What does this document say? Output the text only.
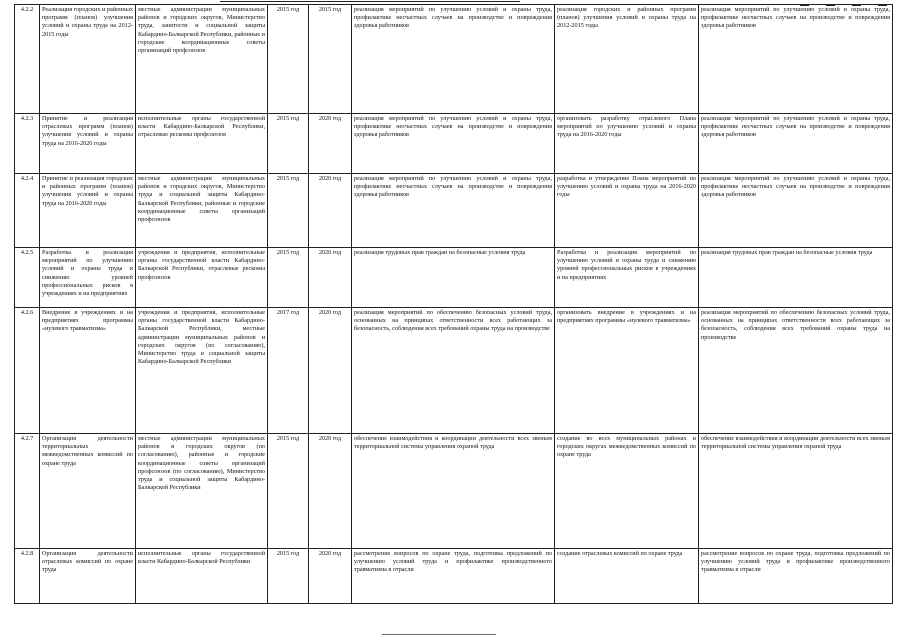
4.2.2	Реализация городских и районных программ (планов) улучшения условий и охраны труда на 2012-2015 годы	местные администрации муниципальных районов и городских округов, Министерство труда, занятости и социальной защиты Кабардино-Балкарской Республики, районные и городские координационные советы организаций профсоюзов	2015 год	2015 год	реализация мероприятий по улучшению условий и охраны труда, профилактике несчастных случаев на производстве и повреждения здоровья работников	реализация городских и районных программ (планов) улучшения условий и охраны труда на 2012-2015 годы	реализация мероприятий по улучшению условий и охраны труда, профилактике несчастных случаев на производстве и повреждения здоровья работников
4.2.3	Принятие и реализация отраслевых программ (планов) улучшения условий и охраны труда на 2016-2020 годы	исполнительные органы государственной власти Кабардино-Балкарской Республики, отраслевые рескомы профсоюзов	2015 год	2020 год	реализация мероприятий по улучшению условий и охраны труда, профилактике несчастных случаев на производстве и повреждения здоровья работников	организовать разработку отраслевого Плана мероприятий по улучшению условий и охраны труда на 2016-2020 годы	реализация мероприятий по улучшению условий и охраны труда, профилактике несчастных случаев на производстве и повреждения здоровья работников
4.2.4	Принятие и реализация городских и районных программ (планов) улучшения условий и охраны труда на 2016-2020 годы	местные администрации муниципальных районов и городских округов, Министерство труда и социальной защиты Кабардино-Балкарской Республики, районные и городские координационные советы организаций профсоюзов	2015 год	2020 год	реализация мероприятий по улучшению условий и охраны труда, профилактике несчастных случаев на производстве и повреждения здоровья работников	разработка и утверждение Плана мероприятий по улучшению условий и охраны труда на 2016-2020 годы	реализация мероприятий по улучшению условий и охраны труда, профилактике несчастных случаев на производстве и повреждения здоровья работников
4.2.5	Разработка и реализация мероприятий по улучшению условий и охраны труда и снижению уровней профессиональных рисков в учреждениях и на предприятиях	учреждения и предприятия, исполнительные органы государственной власти Кабардино-Балкарской Республики, отраслевые рескомы профсоюзов	2015 год	2020 год	реализация трудовых прав граждан на безопасные условия труда	Разработка и реализация мероприятий по улучшению условий и охраны труда и снижению уровней профессиональных рисков в учреждениях и на предприятиях	реализация трудовых прав граждан на безопасные условия труда
4.2.6	Внедрение в учреждениях и на предприятиях программы «нулевого травматизма»	учреждения и предприятия, исполнительные органы государственной власти Кабардино-Балкарской Республики, местные администрации муниципальных районов и городских округов (по согласованию), Министерство труда и социальной защиты Кабардино-Балкарской Республики	2017 год	2020 год	реализация мероприятий по обеспечению безопасных условий труда, основанных на принципах ответственности всех работающих за безопасность, соблюдения всех требований охраны труда на производстве	организовать внедрение в учреждениях и на предприятиях программы «нулевого травматизма»	реализация мероприятий по обеспечению безопасных условий труда, основанных на принципах ответственности всех работающих за безопасность, соблюдения всех требований охраны труда на производстве
4.2.7	Организация деятельности территориальных межведомственных комиссий по охране труда	местные администрации муниципальных районов и городских округов (по согласованию), районные и городские координационные советы организаций профсоюзов (по согласованию), Министерство труда и социальной защиты Кабардино-Балкарской Республики	2015 год	2020 год	обеспечение взаимодействия и координации деятельности всех звеньев территориальной системы управления охраной труда	создание во всех муниципальных районах и городских округах межведомственных комиссий по охране труда	обеспечение взаимодействия и координации деятельности всех звеньев территориальной системы управления охраной труда
4.2.8	Организация деятельности отраслевых комиссий по охране труда	исполнительные органы государственной власти Кабардино-Балкарской Республики	2015 год	2020 год	рассмотрение вопросов по охране труда, подготовка предложений по улучшению условий труда и профилактике производственного травматизма в отрасли	создание отраслевых комиссий по охране труда	рассмотрение вопросов по охране труда, подготовка предложений по улучшению условий труда и профилактике производственного травматизма в отрасли
